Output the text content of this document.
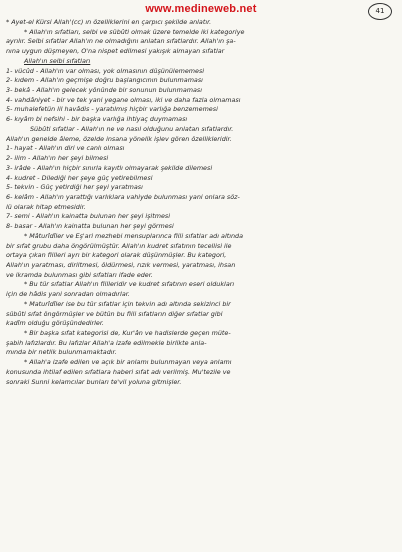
www.medineweb.net	41
* Ayet-el Kürsi Allah'(cc) ın özelliklerini en çarpıcı şekilde anlatır.
* Allah'ın sıfatları, selbi ve sübûti olmak üzere temelde iki kategoriye
ayrılır. Selbi sıfatlar Allah'ın ne olmadığını anlatan sıfatlardır. Allah'ın şa-
nına uygun düşmeyen, O'na nispet edilmesi yakışık almayan sıfatlar
Allah'ın selbi sıfatları
1- vücûd - Allah'ın var olması, yok olmasının düşünülememesi
2- kıdem - Allah'ın geçmişe doğru başlangıcının bulunmaması
3- bekâ - Allah'ın gelecek yönünde bir sonunun bulunmaması
4- vahdâniyet - bir ve tek yani yegane olması, iki ve daha fazla olmaması
5- muhalefetün lil havâdis - yaratılmış hiçbir varlığa benzememesi
6- kıyâm bi nefsihi - bir başka varlığa ihtiyaç duymaması
Sübûti sıfatlar - Allah'ın ne ve nasıl olduğunu anlatan sıfatlardır.
Allah'ın genelde âleme, özelde insana yönelik işlev gören özellikleridir.
1- hayat - Allah'ın diri ve canlı olması
2- ilim - Allah'ın her şeyi bilmesi
3- irâde - Allah'ın hiçbir sınırla kayıtlı olmayarak şekilde dilemesi
4- kudret - Dilediği her şeye güç yetirebilmesi
5- tekvin - Güç yetirdiği her şeyi yaratması
6- kelâm - Allah'ın yarattığı varlıklara vahiyde bulunması yani onlara söz-
lü olarak hitap etmesidir.
7- semi - Allah'ın kainatta bulunan her şeyi işitmesi
8- basar - Allah'ın kainatta bulunan her şeyi görmesi
* Mâturîdîler ve Eş'ari mezhebi mensuplarınca fiili sıfatlar adı altında
bir sıfat grubu daha öngörülmüştür. Allah'ın kudret sıfatının tecellisi ile
ortaya çıkan fiilleri ayrı bir kategori olarak düşünmüşler. Bu kategori,
Allah'ın yaratması, diriltmesi, öldürmesi, rızık vermesi, yaratması, ihsan
ve ikramda bulunması gibi sıfatları ifade eder.
* Bu tür sıfatlar Allah'ın fiilleridir ve kudret sıfatının eseri oldukları
için de hâdis yani sonradan olmadırlar.
* Maturîdîler ise bu tür sıfatlar için tekvin adı altında sekizinci bir
sübûti sıfat öngörmüşler ve bütün bu fiili sıfatların diğer sıfatlar gibi
kadîm olduğu görüşündedirler.
* Bir başka sıfat kategorisi de, Kur'ân ve hadislerde geçen müte-
şabih lafızlardır. Bu lafızlar Allah'a izafe edilmekle birlikte anla-
mında bir netlik bulunmamaktadır.
* Allah'a izafe edilen ve açık bir anlamı bulunmayan veya anlamı
konusunda ihtilaf edilen sıfatlara haberi sıfat adı verilmiş. Mu'tezile ve
sonraki Sunni kelamcılar bunları te'vil yoluna gitmişler.
